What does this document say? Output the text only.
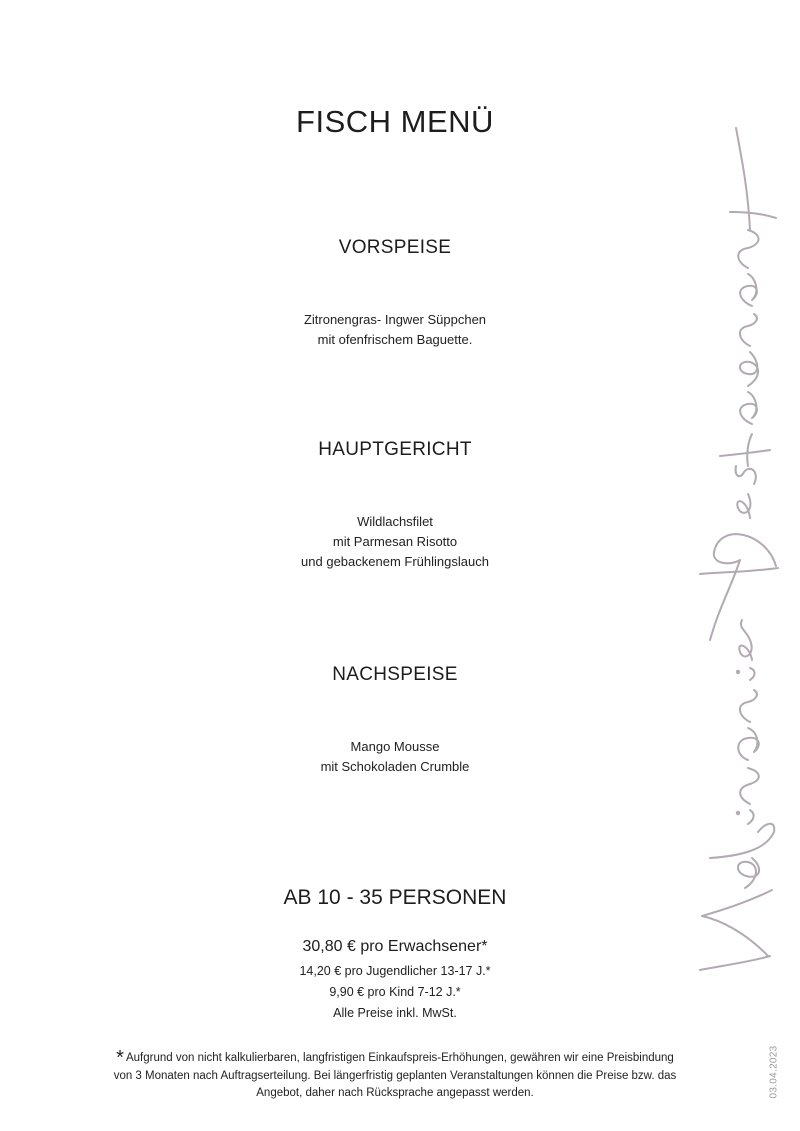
FISCH MENÜ
VORSPEISE
Zitronengras- Ingwer Süppchen
mit ofenfrischem Baguette.
HAUPTGERICHT
Wildlachsfilet
mit Parmesan Risotto
und gebackenem Frühlingslauch
NACHSPEISE
Mango Mousse
mit Schokoladen Crumble
AB 10 - 35 PERSONEN
30,80 € pro Erwachsener*
14,20 € pro Jugendlicher 13-17 J.*
9,90 € pro Kind 7-12 J.*
Alle Preise inkl. MwSt.
* Aufgrund von nicht kalkulierbaren, langfristigen Einkaufspreis-Erhöhungen, gewähren wir eine Preisbindung von 3 Monaten nach Auftragserteilung. Bei längerfristig geplanten Veranstaltungen können die Preise bzw. das Angebot, daher nach Rücksprache angepasst werden.	03.04.2023
